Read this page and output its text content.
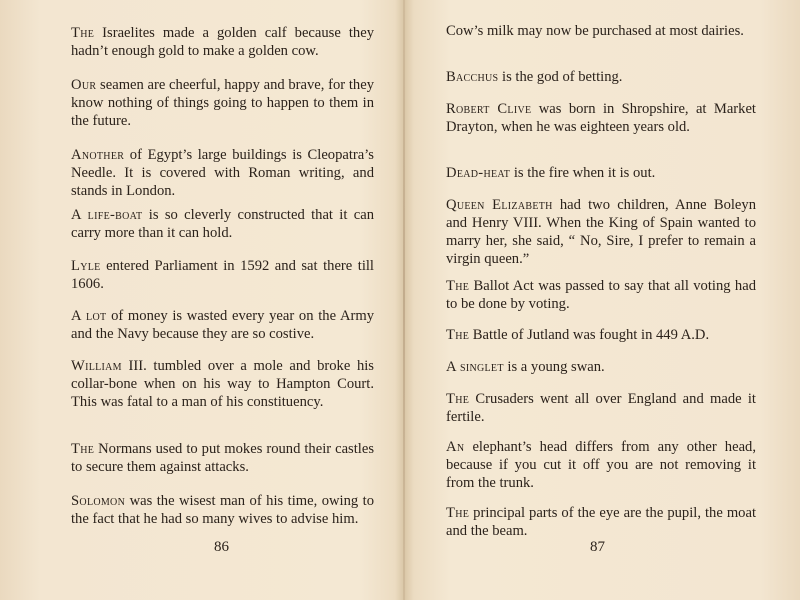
The Israelites made a golden calf because they hadn’t enough gold to make a golden cow.

Our seamen are cheerful, happy and brave, for they know nothing of things going to happen to them in the future.

Another of Egypt’s large buildings is Cleopatra’s Needle. It is covered with Roman writing, and stands in London.

A life-boat is so cleverly constructed that it can carry more than it can hold.

Lyle entered Parliament in 1592 and sat there till 1606.

A lot of money is wasted every year on the Army and the Navy because they are so costive.

William III. tumbled over a mole and broke his collar-bone when on his way to Hampton Court. This was fatal to a man of his constituency.

The Normans used to put mokes round their castles to secure them against attacks.

Solomon was the wisest man of his time, owing to the fact that he had so many wives to advise him.

86

Cow’s milk may now be purchased at most dairies.

Bacchus is the god of betting.

Robert Clive was born in Shropshire, at Market Drayton, when he was eighteen years old.

Dead-heat is the fire when it is out.

Queen Elizabeth had two children, Anne Boleyn and Henry VIII. When the King of Spain wanted to marry her, she said, “ No, Sire, I prefer to remain a virgin queen.”

The Ballot Act was passed to say that all voting had to be done by voting.

The Battle of Jutland was fought in 449 A.D.

A singlet is a young swan.

The Crusaders went all over England and made it fertile.

An elephant’s head differs from any other head, because if you cut it off you are not removing it from the trunk.

The principal parts of the eye are the pupil, the moat and the beam.

87
